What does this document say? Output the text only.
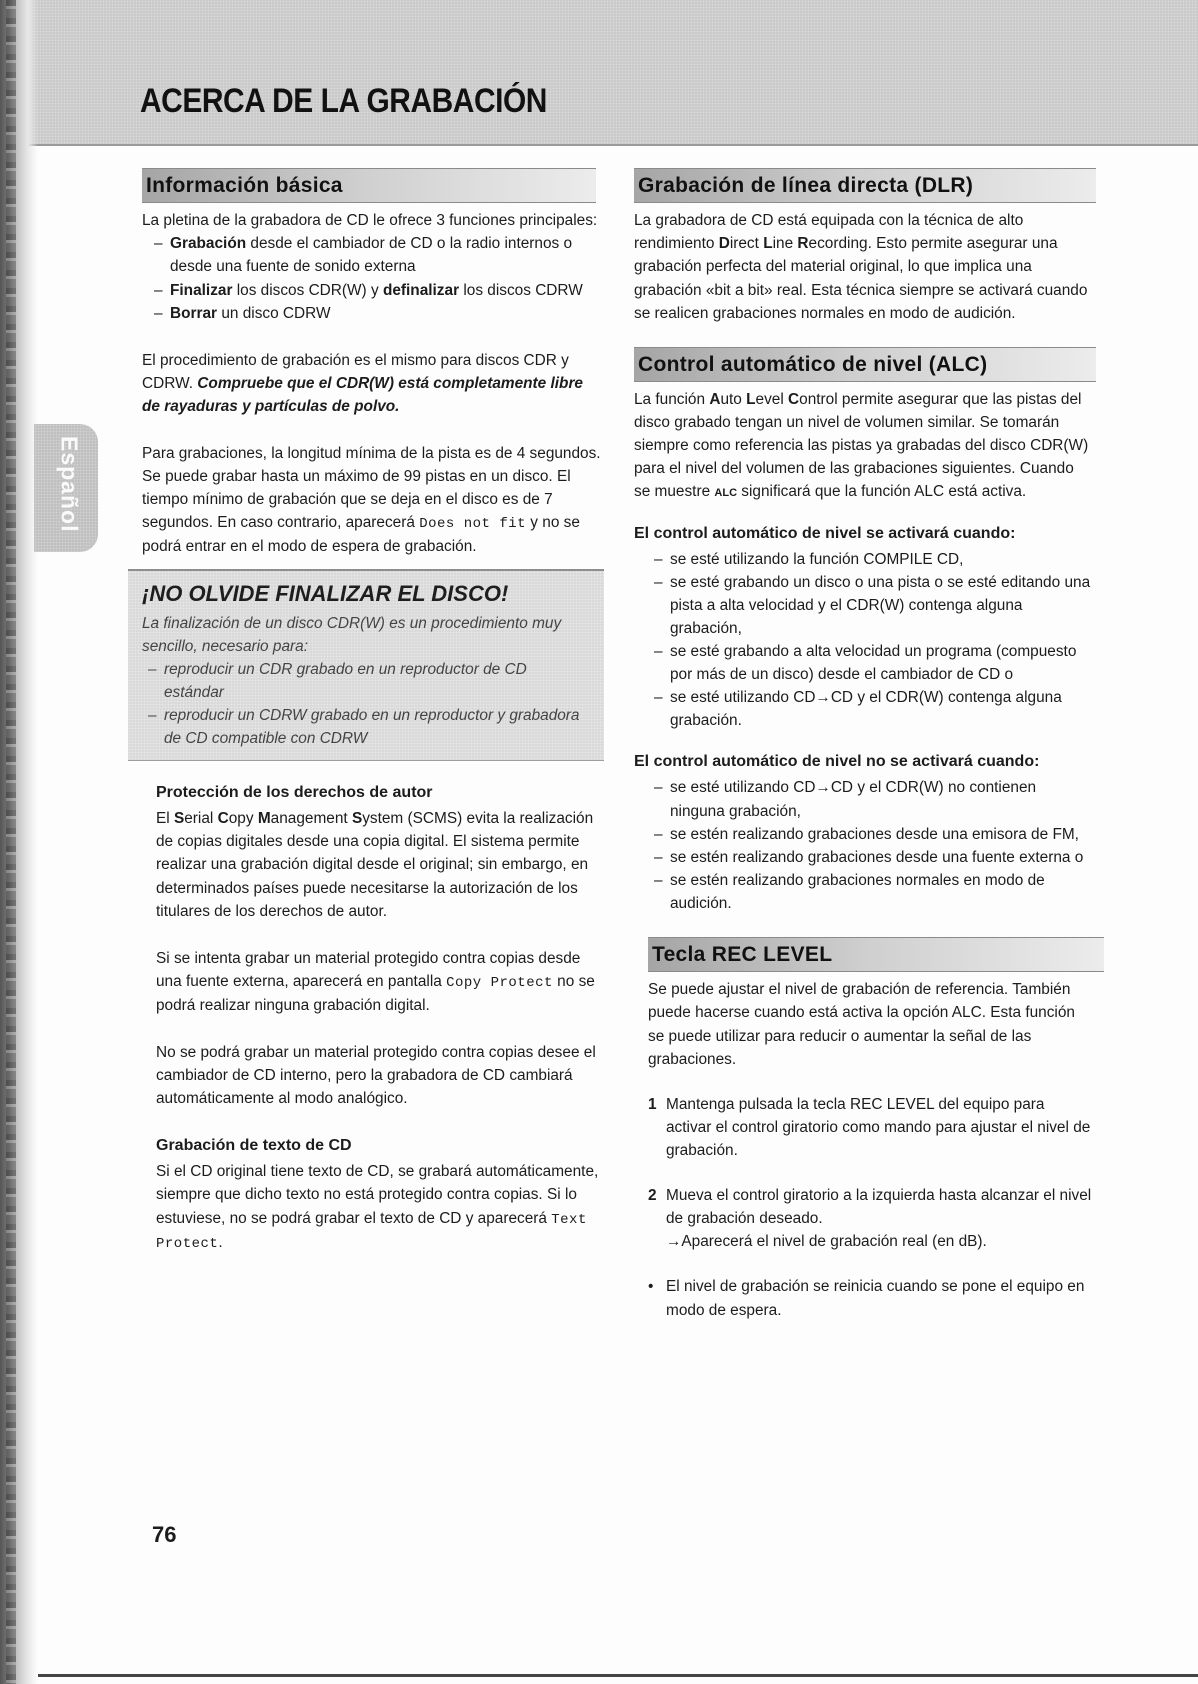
ACERCA DE LA GRABACIÓN
Español
Información básica

La pletina de la grabadora de CD le ofrece 3 funciones principales:

– Grabación desde el cambiador de CD o la radio internos o desde una fuente de sonido externa
– Finalizar los discos CDR(W) y definalizar los discos CDRW
– Borrar un disco CDRW

El procedimiento de grabación es el mismo para discos CDR y CDRW. Compruebe que el CDR(W) está completamente libre de rayaduras y partículas de polvo.

Para grabaciones, la longitud mínima de la pista es de 4 segundos. Se puede grabar hasta un máximo de 99 pistas en un disco. El tiempo mínimo de grabación que se deja en el disco es de 7 segundos. En caso contrario, aparecerá Does not fit y no se podrá entrar en el modo de espera de grabación.

¡NO OLVIDE FINALIZAR EL DISCO!

La finalización de un disco CDR(W) es un procedimiento muy sencillo, necesario para:

– reproducir un CDR grabado en un reproductor de CD estándar
– reproducir un CDRW grabado en un reproductor y grabadora de CD compatible con CDRW
Protección de los derechos de autor

El Serial Copy Management System (SCMS) evita la realización de copias digitales desde una copia digital. El sistema permite realizar una grabación digital desde el original; sin embargo, en determinados países puede necesitarse la autorización de los titulares de los derechos de autor.

Si se intenta grabar un material protegido contra copias desde una fuente externa, aparecerá en pantalla Copy Protect no se podrá realizar ninguna grabación digital.

No se podrá grabar un material protegido contra copias desee el cambiador de CD interno, pero la grabadora de CD cambiará automáticamente al modo analógico.

Grabación de texto de CD

Si el CD original tiene texto de CD, se grabará automáticamente, siempre que dicho texto no está protegido contra copias. Si lo estuviese, no se podrá grabar el texto de CD y aparecerá Text Protect.

Grabación de línea directa (DLR)

La grabadora de CD está equipada con la técnica de alto rendimiento Direct Line Recording. Esto permite asegurar una grabación perfecta del material original, lo que implica una grabación «bit a bit» real. Esta técnica siempre se activará cuando se realicen grabaciones normales en modo de audición.

Control automático de nivel (ALC)

La función Auto Level Control permite asegurar que las pistas del disco grabado tengan un nivel de volumen similar. Se tomarán siempre como referencia las pistas ya grabadas del disco CDR(W) para el nivel del volumen de las grabaciones siguientes. Cuando se muestre ALC significará que la función ALC está activa.

El control automático de nivel se activará cuando:
– se esté utilizando la función COMPILE CD,
– se esté grabando un disco o una pista o se esté editando una pista a alta velocidad y el CDR(W) contenga alguna grabación,
– se esté grabando a alta velocidad un programa (compuesto por más de un disco) desde el cambiador de CD o
– se esté utilizando CD→CD y el CDR(W) contenga alguna grabación.
El control automático de nivel no se activará cuando:
– se esté utilizando CD→CD y el CDR(W) no contienen ninguna grabación,
– se estén realizando grabaciones desde una emisora de FM,
– se estén realizando grabaciones desde una fuente externa o
– se estén realizando grabaciones normales en modo de audición.
Tecla REC LEVEL

Se puede ajustar el nivel de grabación de referencia. También puede hacerse cuando está activa la opción ALC. Esta función se puede utilizar para reducir o aumentar la señal de las grabaciones.

1 Mantenga pulsada la tecla REC LEVEL del equipo para activar el control giratorio como mando para ajustar el nivel de grabación.
2 Mueva el control giratorio a la izquierda hasta alcanzar el nivel de grabación deseado.
→Aparecerá el nivel de grabación real (en dB).
• El nivel de grabación se reinicia cuando se pone el equipo en modo de espera.
76
